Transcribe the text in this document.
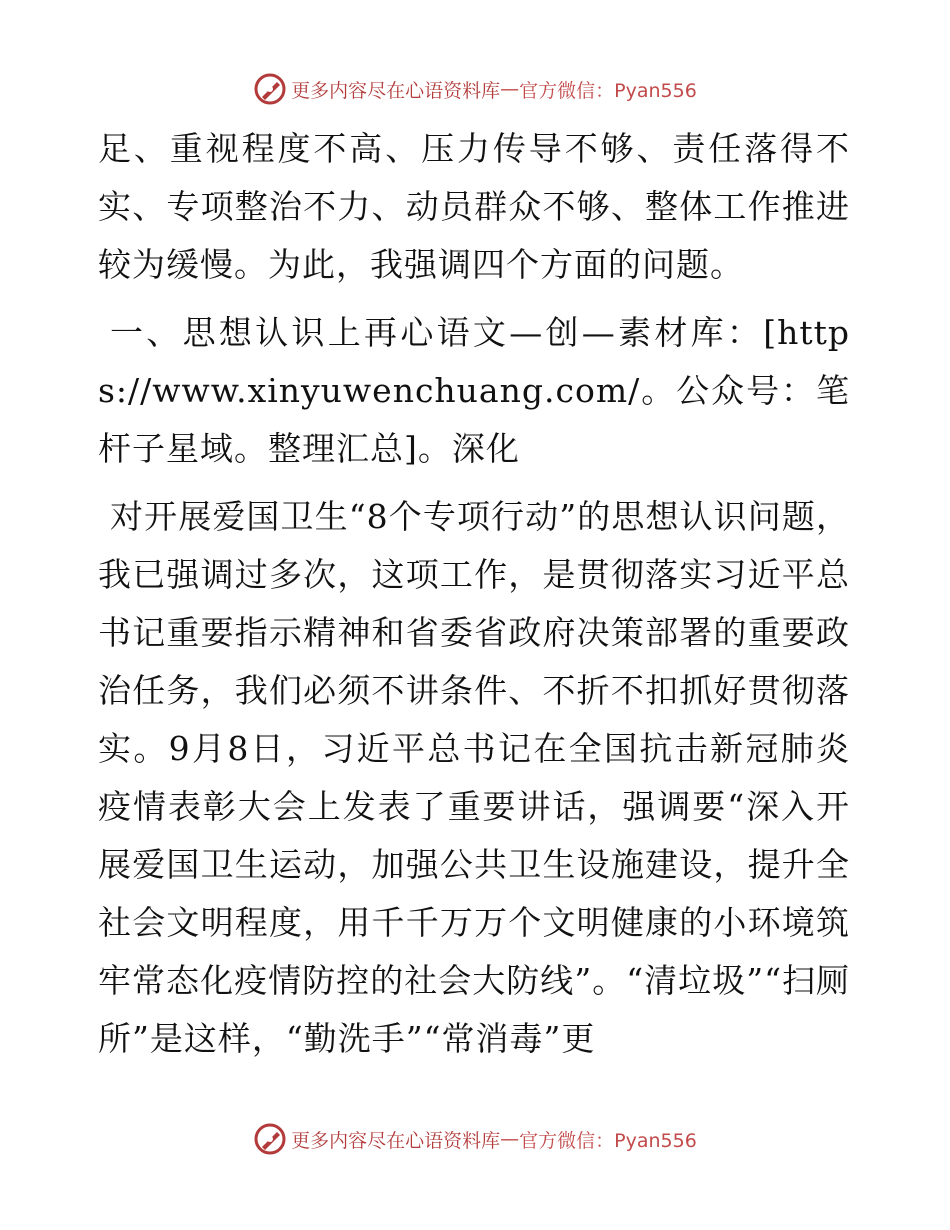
更多内容尽在心语资料库 — 官方微信：Pyan556

足、重视程度不高、压力传导不够、责任落得不实、专项整治不力、动员群众不够、整体工作推进较为缓慢。为此，我强调四个方面的问题。

一、思想认识上再心语文—创—素材库：[https://www.xinyuwenchuang.com/。公众号：笔杆子星域。整理汇总]。深化

对开展爱国卫生“8个专项行动”的思想认识问题，我已强调过多次，这项工作，是贯彻落实习近平总书记重要指示精神和省委省政府决策部署的重要政治任务，我们必须不讲条件、不折不扣抓好贯彻落实。9月8日，习近平总书记在全国抗击新冠肺炎疫情表彰大会上发表了重要讲话，强调要“深入开展爱国卫生运动，加强公共卫生设施建设，提升全社会文明程度，用千千万万个文明健康的小环境筑牢常态化疫情防控的社会大防线”。“清垃圾”“扫厕所”是这样，“勤洗手”“常消毒”更

更多内容尽在心语资料库 — 官方微信：Pyan556
